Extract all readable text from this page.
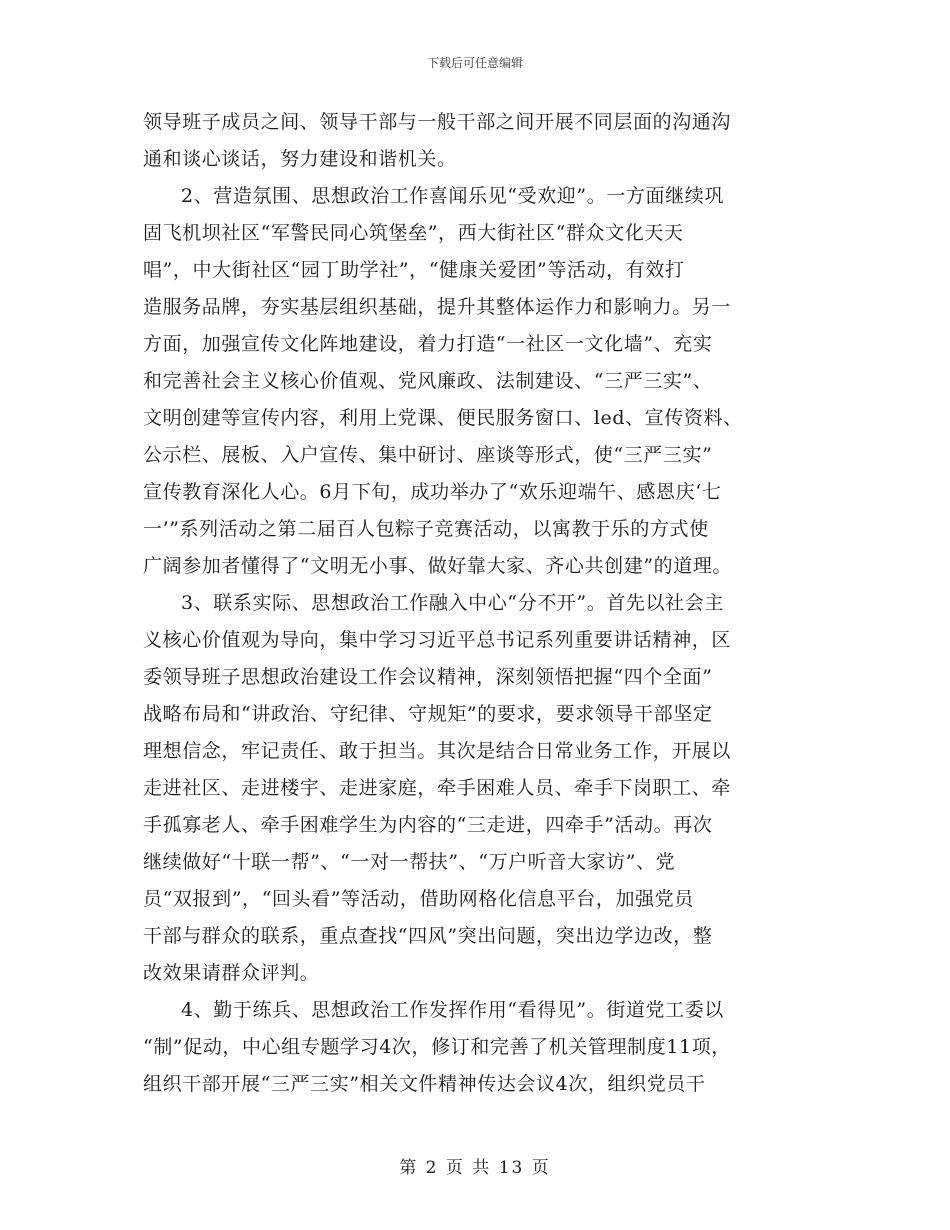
下载后可任意编辑
领导班子成员之间、领导干部与一般干部之间开展不同层面的沟通沟
通和谈心谈话，努力建设和谐机关。
2、营造氛围、思想政治工作喜闻乐见“受欢迎”。一方面继续巩
固飞机坝社区“军警民同心筑堡垒”，西大街社区“群众文化天天
唱”，中大街社区“园丁助学社”，“健康关爱团”等活动，有效打
造服务品牌，夯实基层组织基础，提升其整体运作力和影响力。另一
方面，加强宣传文化阵地建设，着力打造“一社区一文化墙”、充实
和完善社会主义核心价值观、党风廉政、法制建设、“三严三实”、
文明创建等宣传内容，利用上党课、便民服务窗口、led、宣传资料、
公示栏、展板、入户宣传、集中研讨、座谈等形式，使“三严三实”
宣传教育深化人心。6月下旬，成功举办了“欢乐迎端午、感恩庆‘七
一’”系列活动之第二届百人包粽子竞赛活动，以寓教于乐的方式使
广阔参加者懂得了“文明无小事、做好靠大家、齐心共创建”的道理。
3、联系实际、思想政治工作融入中心“分不开”。首先以社会主
义核心价值观为导向，集中学习习近平总书记系列重要讲话精神，区
委领导班子思想政治建设工作会议精神，深刻领悟把握“四个全面”
战略布局和“讲政治、守纪律、守规矩”的要求，要求领导干部坚定
理想信念，牢记责任、敢于担当。其次是结合日常业务工作，开展以
走进社区、走进楼宇、走进家庭，牵手困难人员、牵手下岗职工、牵
手孤寡老人、牵手困难学生为内容的“三走进，四牵手”活动。再次
继续做好“十联一帮”、“一对一帮扶”、“万户听音大家访”、党
员“双报到”，“回头看”等活动，借助网格化信息平台，加强党员
干部与群众的联系，重点查找“四风”突出问题，突出边学边改，整
改效果请群众评判。
4、勤于练兵、思想政治工作发挥作用“看得见”。街道党工委以
“制”促动，中心组专题学习4次，修订和完善了机关管理制度11项，
组织干部开展“三严三实”相关文件精神传达会议4次，组织党员干
第 2 页 共 13 页
